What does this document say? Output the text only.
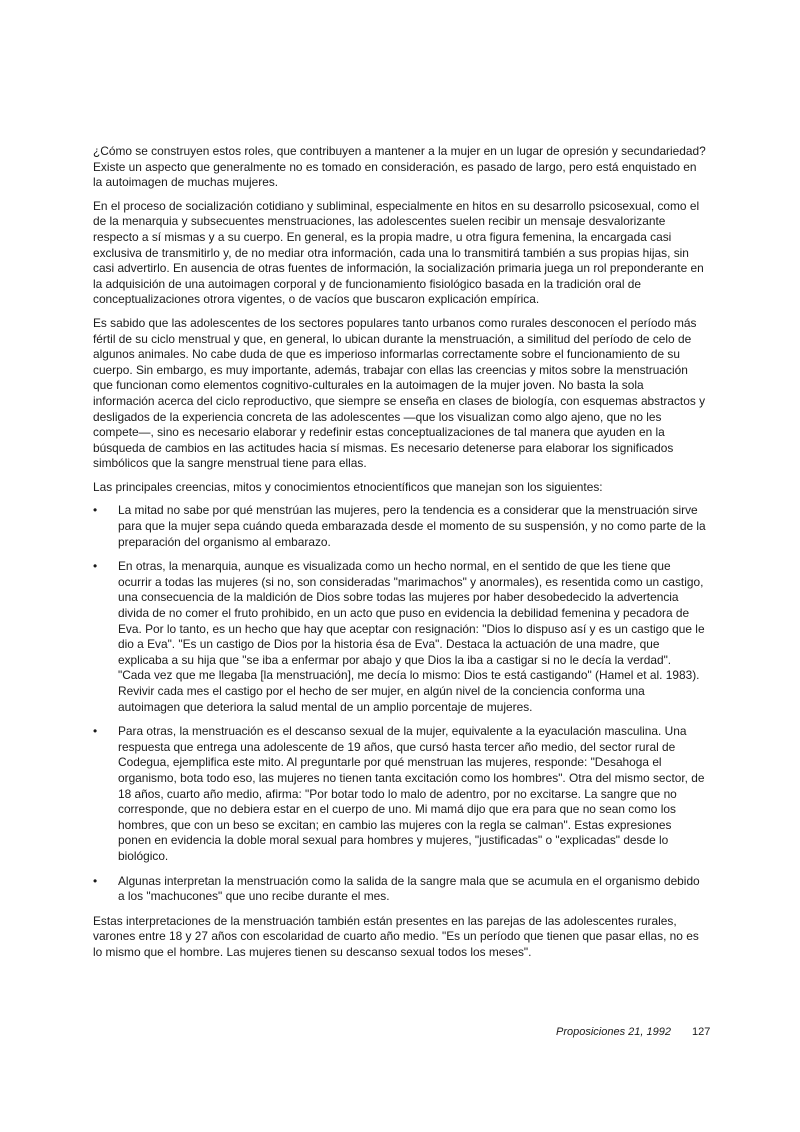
¿Cómo se construyen estos roles, que contribuyen a mantener a la mujer en un lugar de opresión y secundariedad? Existe un aspecto que generalmente no es tomado en consideración, es pasado de largo, pero está enquistado en la autoimagen de muchas mujeres.

En el proceso de socialización cotidiano y subliminal, especialmente en hitos en su desarrollo psicosexual, como el de la menarquia y subsecuentes menstruaciones, las adolescentes suelen recibir un mensaje desvalorizante respecto a sí mismas y a su cuerpo. En general, es la propia madre, u otra figura femenina, la encargada casi exclusiva de transmitirlo y, de no mediar otra información, cada una lo transmitirá también a sus propias hijas, sin casi advertirlo. En ausencia de otras fuentes de información, la socialización primaria juega un rol preponderante en la adquisición de una autoimagen corporal y de funcionamiento fisiológico basada en la tradición oral de conceptualizaciones otrora vigentes, o de vacíos que buscaron explicación empírica.

Es sabido que las adolescentes de los sectores populares tanto urbanos como rurales desconocen el período más fértil de su ciclo menstrual y que, en general, lo ubican durante la menstruación, a similitud del período de celo de algunos animales. No cabe duda de que es imperioso informarlas correctamente sobre el funcionamiento de su cuerpo. Sin embargo, es muy importante, además, trabajar con ellas las creencias y mitos sobre la menstruación que funcionan como elementos cognitivo-culturales en la autoimagen de la mujer joven. No basta la sola información acerca del ciclo reproductivo, que siempre se enseña en clases de biología, con esquemas abstractos y desligados de la experiencia concreta de las adolescentes —que los visualizan como algo ajeno, que no les compete—, sino es necesario elaborar y redefinir estas conceptualizaciones de tal manera que ayuden en la búsqueda de cambios en las actitudes hacia sí mismas. Es necesario detenerse para elaborar los significados simbólicos que la sangre menstrual tiene para ellas.

Las principales creencias, mitos y conocimientos etnocientíficos que manejan son los siguientes:

• La mitad no sabe por qué menstrúan las mujeres, pero la tendencia es a considerar que la menstruación sirve para que la mujer sepa cuándo queda embarazada desde el momento de su suspensión, y no como parte de la preparación del organismo al embarazo.
• En otras, la menarquia, aunque es visualizada como un hecho normal, en el sentido de que les tiene que ocurrir a todas las mujeres (si no, son consideradas "marimachos" y anormales), es resentida como un castigo, una consecuencia de la maldición de Dios sobre todas las mujeres por haber desobedecido la advertencia divida de no comer el fruto prohibido, en un acto que puso en evidencia la debilidad femenina y pecadora de Eva. Por lo tanto, es un hecho que hay que aceptar con resignación: "Dios lo dispuso así y es un castigo que le dio a Eva". "Es un castigo de Dios por la historia ésa de Eva". Destaca la actuación de una madre, que explicaba a su hija que "se iba a enfermar por abajo y que Dios la iba a castigar si no le decía la verdad". "Cada vez que me llegaba [la menstruación], me decía lo mismo: Dios te está castigando" (Hamel et al. 1983). Revivir cada mes el castigo por el hecho de ser mujer, en algún nivel de la conciencia conforma una autoimagen que deteriora la salud mental de un amplio porcentaje de mujeres.
• Para otras, la menstruación es el descanso sexual de la mujer, equivalente a la eyaculación masculina. Una respuesta que entrega una adolescente de 19 años, que cursó hasta tercer año medio, del sector rural de Codegua, ejemplifica este mito. Al preguntarle por qué menstruan las mujeres, responde: "Desahoga el organismo, bota todo eso, las mujeres no tienen tanta excitación como los hombres". Otra del mismo sector, de 18 años, cuarto año medio, afirma: "Por botar todo lo malo de adentro, por no excitarse. La sangre que no corresponde, que no debiera estar en el cuerpo de uno. Mi mamá dijo que era para que no sean como los hombres, que con un beso se excitan; en cambio las mujeres con la regla se calman". Estas expresiones ponen en evidencia la doble moral sexual para hombres y mujeres, "justificadas" o "explicadas" desde lo biológico.
• Algunas interpretan la menstruación como la salida de la sangre mala que se acumula en el organismo debido a los "machucones" que uno recibe durante el mes.

Estas interpretaciones de la menstruación también están presentes en las parejas de las adolescentes rurales, varones entre 18 y 27 años con escolaridad de cuarto año medio. "Es un período que tienen que pasar ellas, no es lo mismo que el hombre. Las mujeres tienen su descanso sexual todos los meses".

Proposiciones 21, 1992 127
